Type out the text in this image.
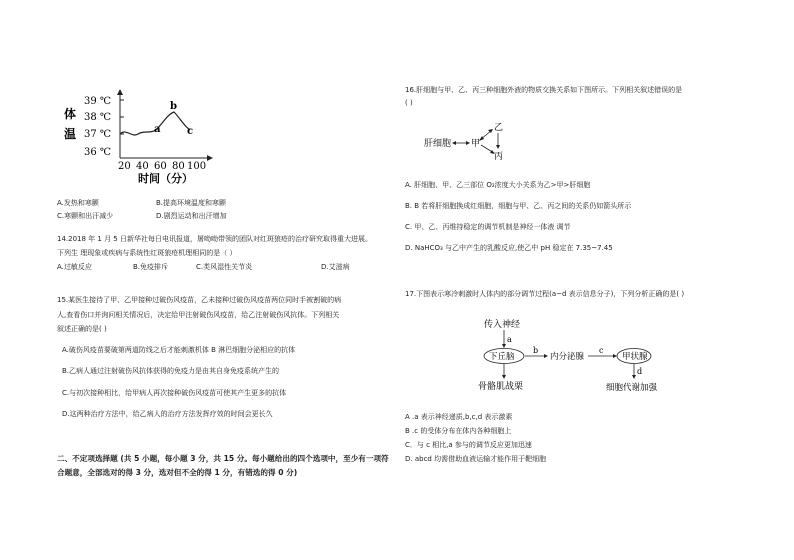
体
温
39 ℃
38 ℃
37 ℃
36 ℃
a
b
c
20 40 60 80 100
时间（分）
A.发热和寒颤	B.提高环境温度和寒颤
C.寒颤和出汗减少	D.剧烈运动和出汗增加
14.2018 年 1 月 5 日新华社每日电讯报道，屠呦呦带领的团队对红斑狼疮的治疗研究取得重大进展。
下列生 理现象或疾病与系统性红斑狼疮机理相同的是（ ）
A.过敏反应	B.免疫排斥	C.类风湿性关节炎	D.艾滋病
15.某医生接待了甲、乙甲接种过破伤风疫苗，乙未接种过破伤风疫苗两位同时手被割破的病
人,查看伤口并询问相关情况后，决定给甲注射破伤风疫苗，给乙注射破伤风抗体。下列相关
叙述正确的是( )
A.破伤风疫苗要破第两道防线之后才能刺激机体 B 淋巴细胞分泌相应的抗体
B.乙病人通过注射破伤风抗体获得的免疫力是由其自身免疫系统产生的
C.与初次接种相比，给甲病人再次接种破伤风疫苗可使其产生更多的抗体
D.这两种治疗方法中，给乙病人的治疗方法发挥疗效的时间会更长久
二、不定项选择题 (共 5 小题，每小题 3 分，共 15 分。每小题给出的四个选项中，至少有一项符
合题意，全部选对的得 3 分，选对但不全的得 1 分，有错选的得 0 分)
16.肝细胞与甲、乙、丙三种细胞外液的物质交换关系如下图所示。下列相关叙述错误的是
( )
肝细胞 甲
乙
丙
A. 肝细胞、甲、乙三部位 O₂浓度大小关系为乙>甲>肝细胞
B. B 若将肝细胞换成红细胞，细胞与甲、乙、丙之间的关系仍如箭头所示
C. 甲、乙、丙维持稳定的调节机制是神经一体液 调节
D. NaHCO₃ 与乙中产生的乳酸反应,使乙中 pH 稳定在 7.35~7.45
17.下图表示寒冷刺激时人体内的部分调节过程(a~d 表示信息分子)，下列分析正确的是( )
传入神经
a
下丘脑
b
内分泌腺
c
甲状腺
骨骼肌战栗
d
细胞代谢加强
A .a 表示神经递质,b,c,d 表示激素
B .c 的受体分布在体内各种细胞上
C．与 c 相比,a 参与的调节反应更加迅速
D. abcd 均需借助血液运输才能作用于靶细胞
